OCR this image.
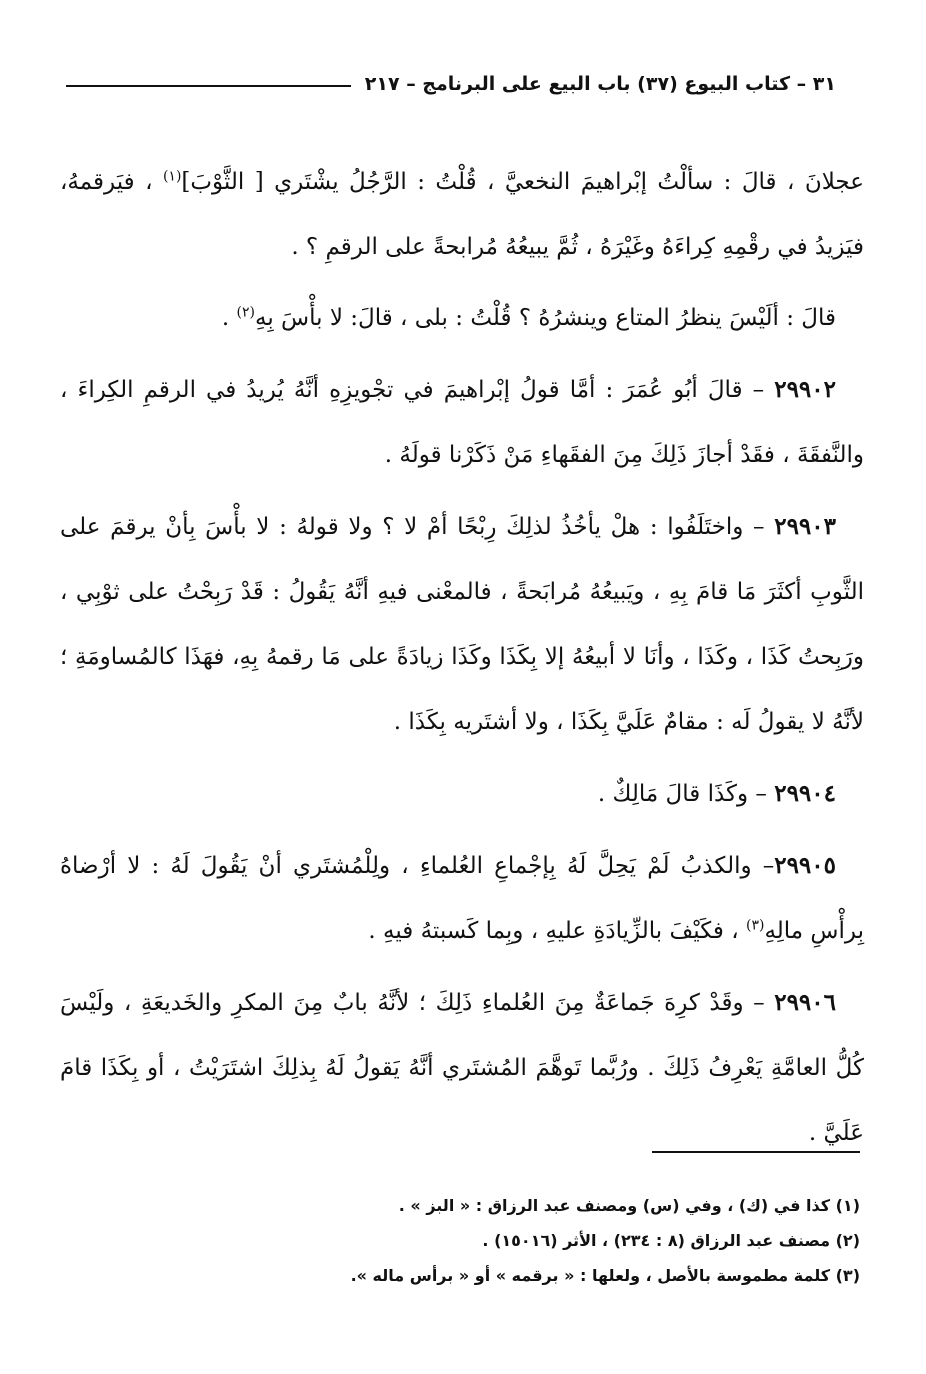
٣١ – كتاب البيوع (٣٧) باب البيع على البرنامج – ٢١٧

عجلانَ ، قالَ : سألْتُ إبْراهيمَ النخعيَّ ، قُلْتُ : الرَّجُلُ يشْتَري [ الثَّوْبَ]$^{(١)}$ ، فيَرقمهُ، فيَزيدُ في رقْمِهِ كِراءَهُ وغَيْرَهُ ، ثُمَّ يبيعُهُ مُرابحةً على الرقمِ ؟ .

قالَ : ألَيْسَ ينظرُ المتاع وينشرُهُ ؟ قُلْتُ : بلى ، قالَ: لا بأْسَ بِهِ$^{(٢)}$ .

٢٩٩٠٢ – قالَ أبُو عُمَرَ : أمَّا قولُ إبْراهيمَ في تجْويزِهِ أنَّهُ يُريدُ في الرقمِ الكِراءَ ، والنَّفقَةَ ، فقَدْ أجازَ ذَلِكَ مِنَ الفقَهاءِ مَنْ ذَكَرْنا قولَهُ .

٢٩٩٠٣ – واختَلَفُوا : هلْ يأخُذُ لذلِكَ رِبْحًا أمْ لا ؟ ولا قولهُ : لا بأْسَ بِأنْ يرقمَ على الثَّوبِ أكثَرَ مَا قامَ بِهِ ، ويَبيعُهُ مُرابَحةً ، فالمعْنى فيهِ أنَّهُ يَقُولُ : قَدْ رَبِحْتُ على ثوْبِي ، ورَبِحتُ كَذَا ، وكَذَا ، وأنَا لا أبيعُهُ إلا بِكَذَا وكَذَا زيادَةً على مَا رقمهُ بِهِ، فهَذَا كالمُساومَةِ ؛ لأنَّهُ لا يقولُ لَه : مقامٌ عَلَيَّ بِكَذَا ، ولا أشتَريه بِكَذَا .

٢٩٩٠٤ – وكَذَا قالَ مَالِكٌ .

٢٩٩٠٥– والكذبُ لَمْ يَحِلَّ لَهُ بِإجْماعِ العُلماءِ ، ولِلْمُشتَري أنْ يَقُولَ لَهُ : لا أرْضاهُ بِرأْسِ مالِهِ$^{(٣)}$ ، فكَيْفَ بالزِّيادَةِ عليهِ ، وبِما كَسبتهُ فيهِ .

٢٩٩٠٦ – وقَدْ كرِهَ جَماعَةٌ مِنَ العُلماءِ ذَلِكَ ؛ لأنَّهُ بابٌ مِنَ المكرِ والخَديعَةِ ، ولَيْسَ كُلُّ العامَّةِ يَعْرِفُ ذَلِكَ . ورُبَّما تَوهَّمَ المُشتَري أنَّهُ يَقولُ لَهُ بِذلِكَ اشتَرَيْتُ ، أو بِكَذَا قامَ عَلَيَّ .

(١) كذا في (ك) ، وفي (س) ومصنف عبد الرزاق : « البز » .
(٢) مصنف عبد الرزاق (٨ : ٢٣٤) ، الأثر (١٥٠١٦) .
(٣) كلمة مطموسة بالأصل ، ولعلها : « برقمه » أو « برأس ماله ».
